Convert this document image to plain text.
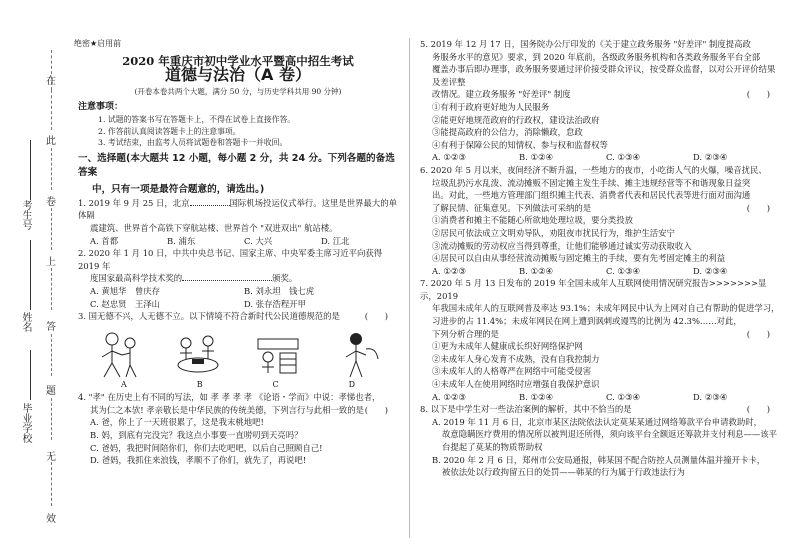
在
此
卷
上
答
题
无
效
考生号
姓名
毕业学校

绝密★启用前

2020 年重庆市初中学业水平暨高中招生考试

道德与法治（A 卷）

(开卷本卷共两个大题，满分 50 分，与历史学科共用 90 分钟)

注意事项：

1. 试题的答案书写在答题卡上，不得在试卷上直接作答。

2. 作答前认真阅读答题卡上的注意事项。

3. 考试结束，由监考人员将试题卷和答题卡一并收回。

一、选择题(本大题共 12 小题，每小题 2 分，共 24 分。下列各题的备选答案

中，只有一项是最符合题意的，请选出。)

1. 2019 年 9 月 25 日，北京	国际机场投运仪式举行。这里是世界最大的单体隔

震建筑、世界首个高铁下穿航站楼、世界首个 "双进双出" 航站楼。

A. 首都	B. 浦东	C. 大兴	D. 江北

2. 2020 年 1 月 10 日，中共中央总书记、国家主席、中央军委主席习近平向获得 2019 年

度国家最高科学技术奖的	颁奖。

A. 黄旭华　曾庆存	B. 刘永坦　钱七虎
C. 赵忠贤　王泽山	D. 张存浩程开甲

3. 国无德不兴，人无德不立。以下情境不符合新时代公民道德规范的是	(　　)

A	B	C	D

4. "孝" 在历史上有不同的写法，如 孝 孝 孝 孝 《论语・学而》中说：孝悌也者，

其为仁之本欤! 孝亲敬长是中华民族的传统美德，下列言行与此相一致的是 (　　)

A. 爸，你上了一天班很累了，这是我末桃地吧!

B. 妈，到底有完没完？我这点小事要一直唠叨到天亮吗？

C. 爸妈，我把时间陪你们，你们去吃吧吧，以后自己照顾自己!

D. 爸妈，我抓住来浪钱，孝顺不了你们，就先了，再说吧!

5. 2019 年 12 月 17 日，国务院办公厅印发的《关于建立政务服务 "好差评" 制度提高政

务服务水平的意见》要求，到 2020 年底前，各级政务服务机构和各类政务服务平台全部

覆盖办事后即办理事，政务服务要通过评价接受群众评议，按受群众监督，以对公开评价结果及差评整

改情况。建立政务服务 "好差评" 制度	(　　)

①有利于政府更好地为人民服务

②能更好地规范政府的行政权，建设法治政府

③能提高政府的公信力，消除懒政，怠政

④有利于保障公民的知情权、参与权和监督权等

A. ①②③	B. ①②④	C. ①③④	D. ②③④

6. 2020 年 5 月以来，夜间经济不断升温，一些地方的夜市，小吃街人气的火爆，噪音扰民、

垃圾乱扔污水乱泼、流动摊贩不固定摊主发生手续、摊主违规经营等不和谐现象日益突

出。对此，一些地方管理部门组织摊主代表、消费者代表和居民代表等进行面对面沟通

了解民情、征集意见。下列做法可采纳的是	(　　)

①消费者和摊主不能随心所欲地处理垃圾，要分类投放

②居民可依法成立文明劝导队，劝阻夜市扰民行为，维护生活安宁

③流动摊贩的劳动权应当得到尊重，让他们能够通过诚实劳动获取收入

④居民可以自由从事经营流动摊贩与固定摊主的手续，要有先考固定摊主的利益

A. ①②③	B. ①②④	C. ①③④	D. ②③④

7. 2020 年 5 月 13 日发布的 2019 年全国未成年人互联网使用情况研究报告>>>>>>>显示，2019

年我国未成年人的互联网普及率达 93.1%；未成年网民中认为上网对自己有帮助的促进学习，

习进步的占 11.4%；未成年网民在网上遭到讽刺或谩骂的比例为 42.3%……对此，

下列分析合理的是	(　　)

①更为未成年人健康成长织好网络保护网

②未成年人身心发育不成熟，没有自我控制力

③未成年人的人格尊严在网络中可能受侵害

④未成年人在使用网络时应增强自我保护意识

A. ①②③	B. ①②④	C. ①③④	D. ②③④

8. 以下是中学生对一些法治案例的解析，其中不恰当的是	(　　)

A. 2019 年 11 月 6 日，北京市某区法院依法认定莫某某通过网络筹款平台申请救助时，

故意隐瞒医疗费用的情况所以被判退还所得，须向该平台全额返还筹款并支付利息——该平

台提起了莫某的物质帮助权

B. 2020 年 2 月 6 日，郑州市公安局通报，韩某国不配合防控人员测量体温并撞开卡卡，

被依法处以行政拘留五日的处罚——韩某的行为属于行政违法行为
